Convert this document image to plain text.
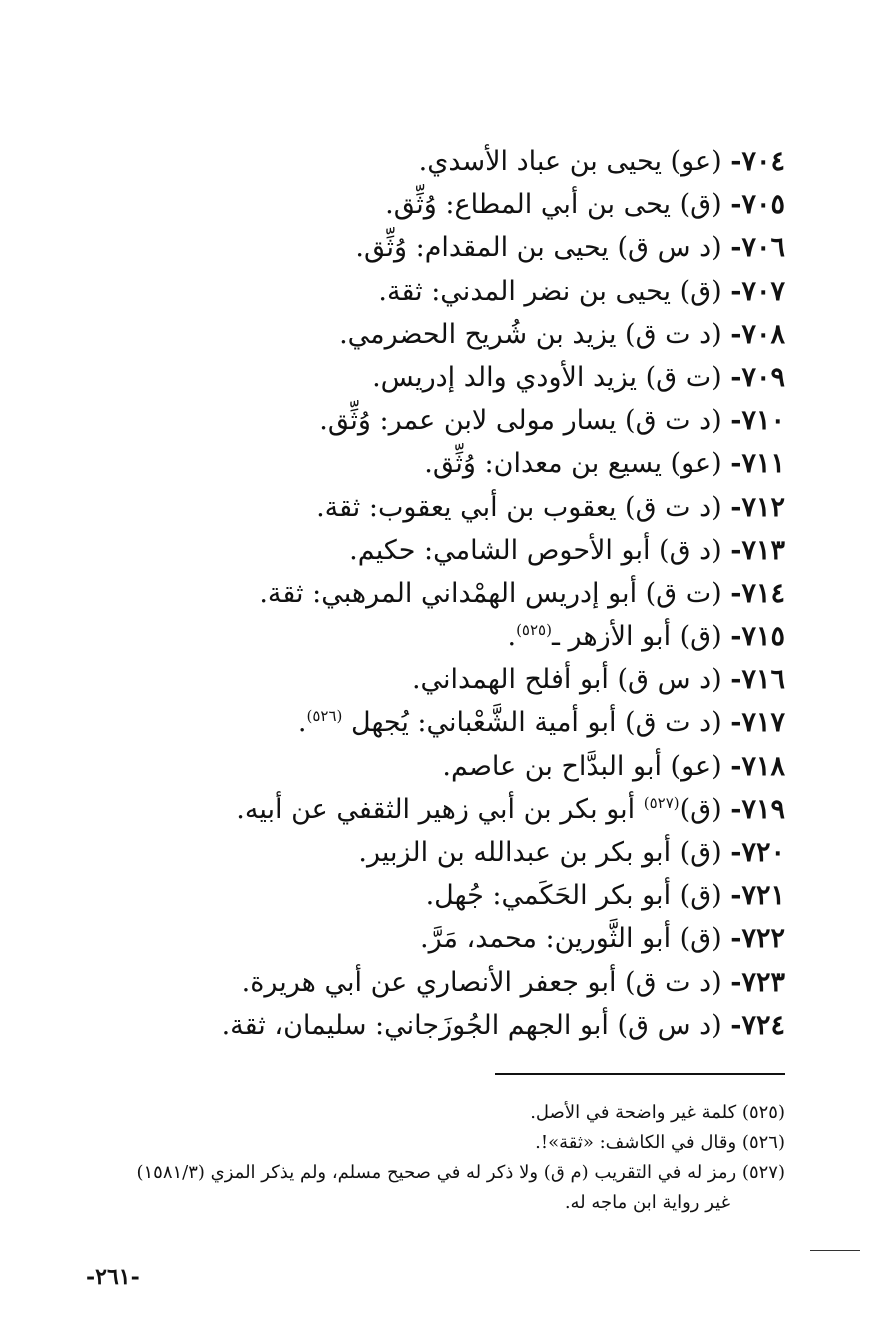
٧٠٤- (عو) يحيى بن عباد الأسدي.
٧٠٥- (ق) يحى بن أبي المطاع: وُثِّق.
٧٠٦- (د س ق) يحيى بن المقدام: وُثِّق.
٧٠٧- (ق) يحيى بن نضر المدني: ثقة.
٧٠٨- (د ت ق) يزيد بن شُريح الحضرمي.
٧٠٩- (ت ق) يزيد الأودي والد إدريس.
٧١٠- (د ت ق) يسار مولى لابن عمر: وُثِّق.
٧١١- (عو) يسيع بن معدان: وُثِّق.
٧١٢- (د ت ق) يعقوب بن أبي يعقوب: ثقة.
٧١٣- (د ق) أبو الأحوص الشامي: حكيم.
٧١٤- (ت ق) أبو إدريس الهمْداني المرهبي: ثقة.
٧١٥- (ق) أبو الأزهر ـ$^{(٥٢٥)}$.
٧١٦- (د س ق) أبو أفلح الهمداني.
٧١٧- (د ت ق) أبو أمية الشَّعْباني: يُجهل $^{(٥٢٦)}$.
٧١٨- (عو) أبو البدَّاح بن عاصم.
٧١٩- (ق)$^{(٥٢٧)}$ أبو بكر بن أبي زهير الثقفي عن أبيه.
٧٢٠- (ق) أبو بكر بن عبدالله بن الزبير.
٧٢١- (ق) أبو بكر الحَكَمي: جُهل.
٧٢٢- (ق) أبو الثَّورين: محمد، مَرَّ.
٧٢٣- (د ت ق) أبو جعفر الأنصاري عن أبي هريرة.
٧٢٤- (د س ق) أبو الجهم الجُوزَجاني: سليمان، ثقة.

(٥٢٥) كلمة غير واضحة في الأصل.

(٥٢٦) وقال في الكاشف: «ثقة»!.

(٥٢٧) رمز له في التقريب (م ق) ولا ذكر له في صحيح مسلم، ولم يذكر المزي (١٥٨١/٣)

غير رواية ابن ماجه له.

-٢٦١-
